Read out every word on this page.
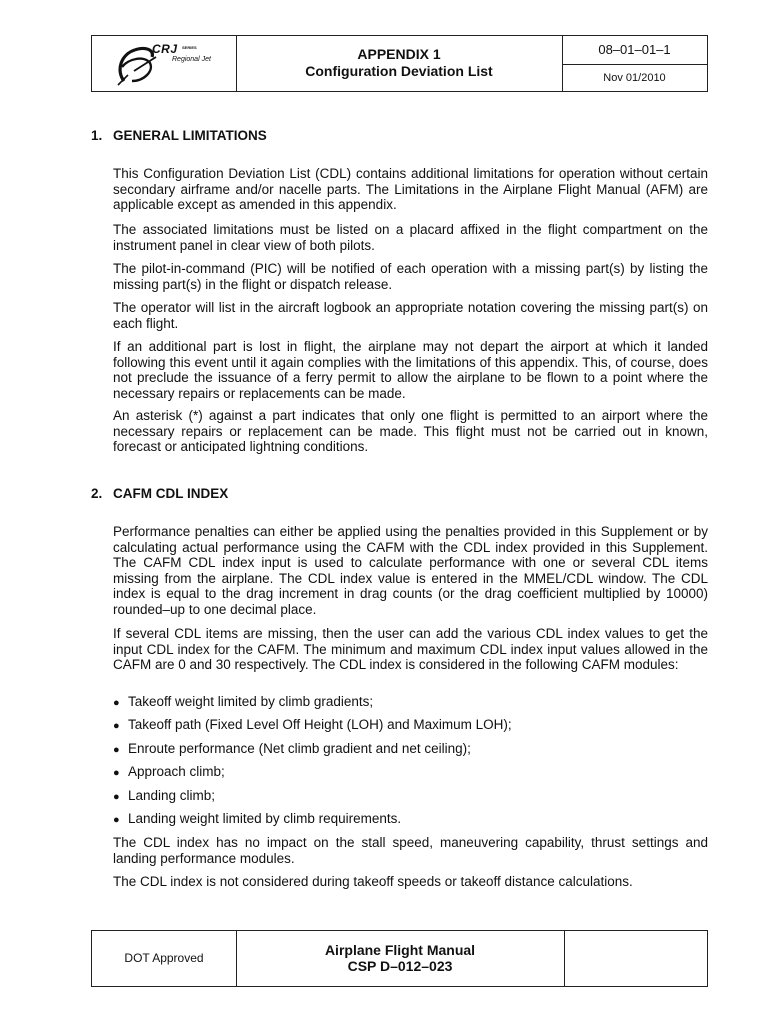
CRJ SERIES
Regional Jet	APPENDIX 1
Configuration Deviation List
08–01–01–1
Nov 01/2010
1. GENERAL LIMITATIONS
This Configuration Deviation List (CDL) contains additional limitations for operation without certain secondary airframe and/or nacelle parts. The Limitations in the Airplane Flight Manual (AFM) are applicable except as amended in this appendix.
The associated limitations must be listed on a placard affixed in the flight compartment on the instrument panel in clear view of both pilots.
The pilot-in-command (PIC) will be notified of each operation with a missing part(s) by listing the missing part(s) in the flight or dispatch release.
The operator will list in the aircraft logbook an appropriate notation covering the missing part(s) on each flight.
If an additional part is lost in flight, the airplane may not depart the airport at which it landed following this event until it again complies with the limitations of this appendix. This, of course, does not preclude the issuance of a ferry permit to allow the airplane to be flown to a point where the necessary repairs or replacements can be made.
An asterisk (*) against a part indicates that only one flight is permitted to an airport where the necessary repairs or replacement can be made. This flight must not be carried out in known, forecast or anticipated lightning conditions.
2. CAFM CDL INDEX
Performance penalties can either be applied using the penalties provided in this Supplement or by calculating actual performance using the CAFM with the CDL index provided in this Supplement. The CAFM CDL index input is used to calculate performance with one or several CDL items missing from the airplane. The CDL index value is entered in the MMEL/CDL window. The CDL index is equal to the drag increment in drag counts (or the drag coefficient multiplied by 10000) rounded–up to one decimal place.
If several CDL items are missing, then the user can add the various CDL index values to get the input CDL index for the CAFM. The minimum and maximum CDL index input values allowed in the CAFM are 0 and 30 respectively. The CDL index is considered in the following CAFM modules:
● Takeoff weight limited by climb gradients;
● Takeoff path (Fixed Level Off Height (LOH) and Maximum LOH);
● Enroute performance (Net climb gradient and net ceiling);
● Approach climb;
● Landing climb;
● Landing weight limited by climb requirements.
The CDL index has no impact on the stall speed, maneuvering capability, thrust settings and landing performance modules.
The CDL index is not considered during takeoff speeds or takeoff distance calculations.
DOT Approved	Airplane Flight Manual
CSP D–012–023
